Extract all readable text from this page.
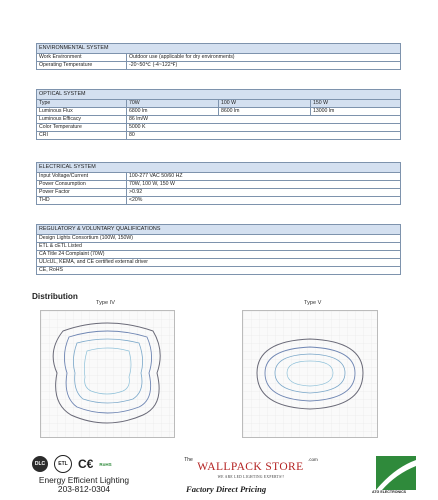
ENVIRONMENTAL SYSTEM	
Work Environment	Outdoor use (applicable for dry environments)
Operating Temperature	-20~50℃ (-4~122℉)
OPTICAL SYSTEM			
Type	70W	100 W	150 W
Luminous Flux	6800 lm	8600 lm	13000 lm
Luminous Efficacy	86 lm/W		
Color Temperature	5000 K		
CRI	80		
ELECTRICAL SYSTEM	
Input Voltage/Current	100-277 VAC 50/60 HZ
Power Consumption	70W, 100 W, 150 W
Power Factor	>0.92
THD	<20%
REGULATORY & VOLUNTARY QUALIFICATIONS
Design Lights Consortium (100W, 150W)
ETL & cETL Listed
CA Title 24 Complaint (70W)
UL/cUL, KEMA, and CE certified external driver
CE, RoHS
Distribution
Type IV	Type V
DLC	ETL C€ RoHS
Energy Efficient Lighting
203-812-0304
$^{The}$ WALLPACK STORE $^{.com}$
WE ARE LED LIGHTING EXPERTS!!
Factory Direct Pricing	ATG ELECTRONICS
